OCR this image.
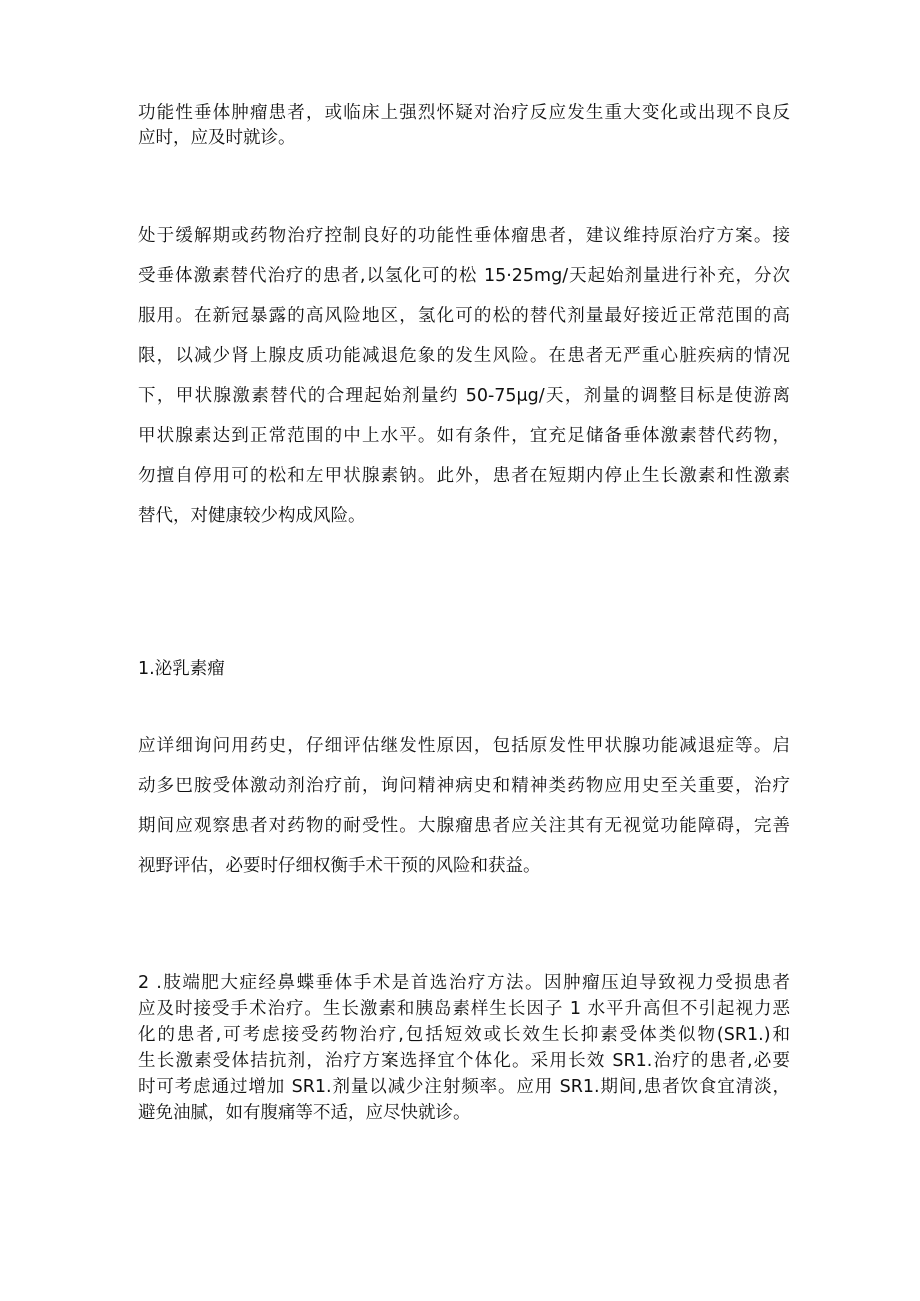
功能性垂体肿瘤患者，或临床上强烈怀疑对治疗反应发生重大变化或出现不良反
应时，应及时就诊。
处于缓解期或药物治疗控制良好的功能性垂体瘤患者，建议维持原治疗方案。接
受垂体激素替代治疗的患者,以氢化可的松 15·25mg/天起始剂量进行补充，分次
服用。在新冠暴露的高风险地区，氢化可的松的替代剂量最好接近正常范围的高
限，以减少肾上腺皮质功能减退危象的发生风险。在患者无严重心脏疾病的情况
下，甲状腺激素替代的合理起始剂量约 50-75μg/天，剂量的调整目标是使游离
甲状腺素达到正常范围的中上水平。如有条件，宜充足储备垂体激素替代药物，
勿擅自停用可的松和左甲状腺素钠。此外，患者在短期内停止生长激素和性激素
替代，对健康较少构成风险。
1.泌乳素瘤
应详细询问用药史，仔细评估继发性原因，包括原发性甲状腺功能减退症等。启
动多巴胺受体激动剂治疗前，询问精神病史和精神类药物应用史至关重要，治疗
期间应观察患者对药物的耐受性。大腺瘤患者应关注其有无视觉功能障碍，完善
视野评估，必要时仔细权衡手术干预的风险和获益。
2 .肢端肥大症经鼻蝶垂体手术是首选治疗方法。因肿瘤压迫导致视力受损患者
应及时接受手术治疗。生长激素和胰岛素样生长因子 1 水平升高但不引起视力恶
化的患者,可考虑接受药物治疗,包括短效或长效生长抑素受体类似物(SR1.)和
生长激素受体拮抗剂，治疗方案选择宜个体化。采用长效 SR1.治疗的患者,必要
时可考虑通过增加 SR1.剂量以减少注射频率。应用 SR1.期间,患者饮食宜清淡，
避免油腻，如有腹痛等不适，应尽快就诊。
